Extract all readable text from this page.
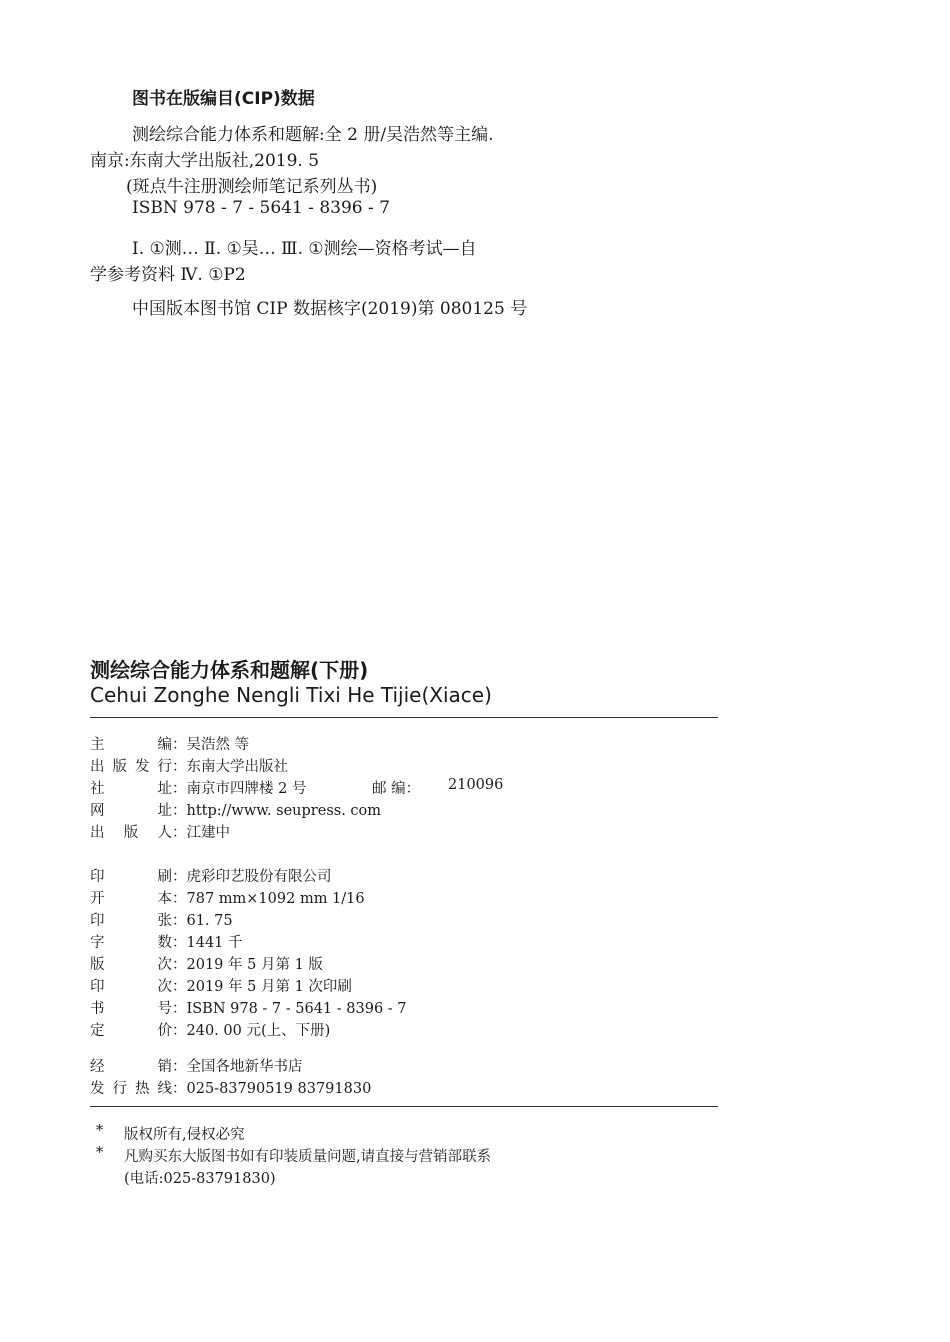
图书在版编目(CIP)数据
测绘综合能力体系和题解:全 2 册/吴浩然等主编.
南京:东南大学出版社,2019. 5
(斑点牛注册测绘师笔记系列丛书)
ISBN 978 - 7 - 5641 - 8396 - 7
Ⅰ. ①测… Ⅱ. ①吴… Ⅲ. ①测绘—资格考试—自
学参考资料 Ⅳ. ①P2
中国版本图书馆 CIP 数据核字(2019)第 080125 号
测绘综合能力体系和题解(下册)
Cehui Zonghe Nengli Tixi He Tijie(Xiace)
主编：吴浩然 等
出版发行：东南大学出版社
社址：南京市四牌楼 2 号	邮 编： 210096
网址：http://www. seupress. com
出版人：江建中
印刷：虎彩印艺股份有限公司
开本：787 mm×1092 mm 1/16
印张：61. 75
字数：1441 千
版次：2019 年 5 月第 1 版
印次：2019 年 5 月第 1 次印刷
书号：ISBN 978 - 7 - 5641 - 8396 - 7
定价：240. 00 元(上、下册)
经销：全国各地新华书店
发行热线：025-83790519 83791830
* 版权所有,侵权必究
* 凡购买东大版图书如有印装质量问题,请直接与营销部联系
(电话:025-83791830)
